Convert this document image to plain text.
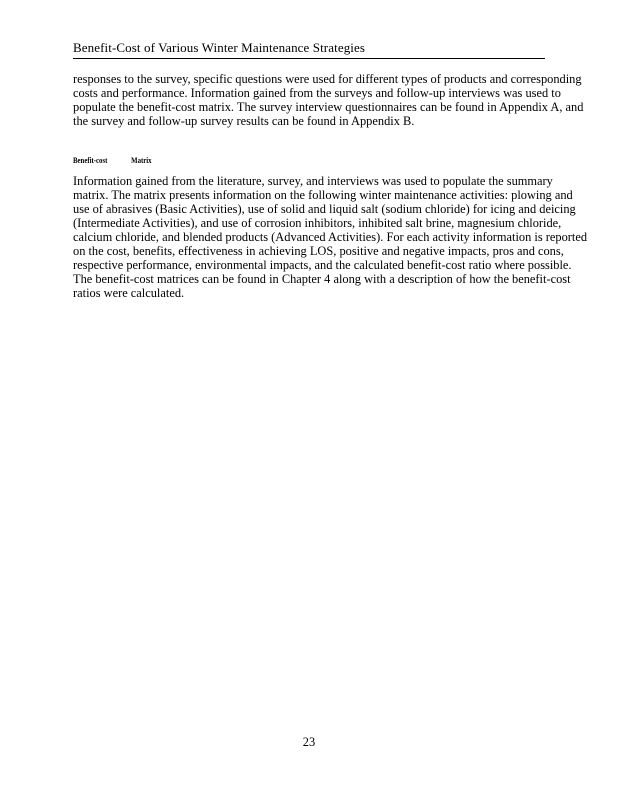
Benefit-Cost of Various Winter Maintenance Strategies

responses to the survey, specific questions were used for different types of products and corresponding costs and performance. Information gained from the surveys and follow-up interviews was used to populate the benefit-cost matrix. The survey interview questionnaires can be found in Appendix A, and the survey and follow-up survey results can be found in Appendix B.

Benefit-cost	Matrix

Information gained from the literature, survey, and interviews was used to populate the summary matrix. The matrix presents information on the following winter maintenance activities: plowing and use of abrasives (Basic Activities), use of solid and liquid salt (sodium chloride) for icing and deicing (Intermediate Activities), and use of corrosion inhibitors, inhibited salt brine, magnesium chloride, calcium chloride, and blended products (Advanced Activities). For each activity information is reported on the cost, benefits, effectiveness in achieving LOS, positive and negative impacts, pros and cons, respective performance, environmental impacts, and the calculated benefit-cost ratio where possible. The benefit-cost matrices can be found in Chapter 4 along with a description of how the benefit-cost ratios were calculated.

23
